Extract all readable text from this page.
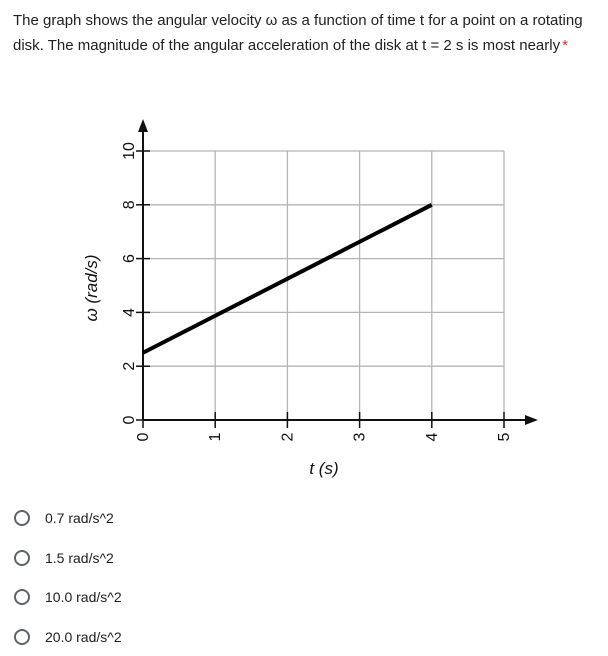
The graph shows the angular velocity ω as a function of time t for a point on a rotating disk. The magnitude of the angular acceleration of the disk at t = 2 s is most nearly *
0	1	2	3	4	5
0
2
4
6
8
10
t (s)
ω (rad/s)
0.7 rad/s^2
1.5 rad/s^2
10.0 rad/s^2
20.0 rad/s^2
